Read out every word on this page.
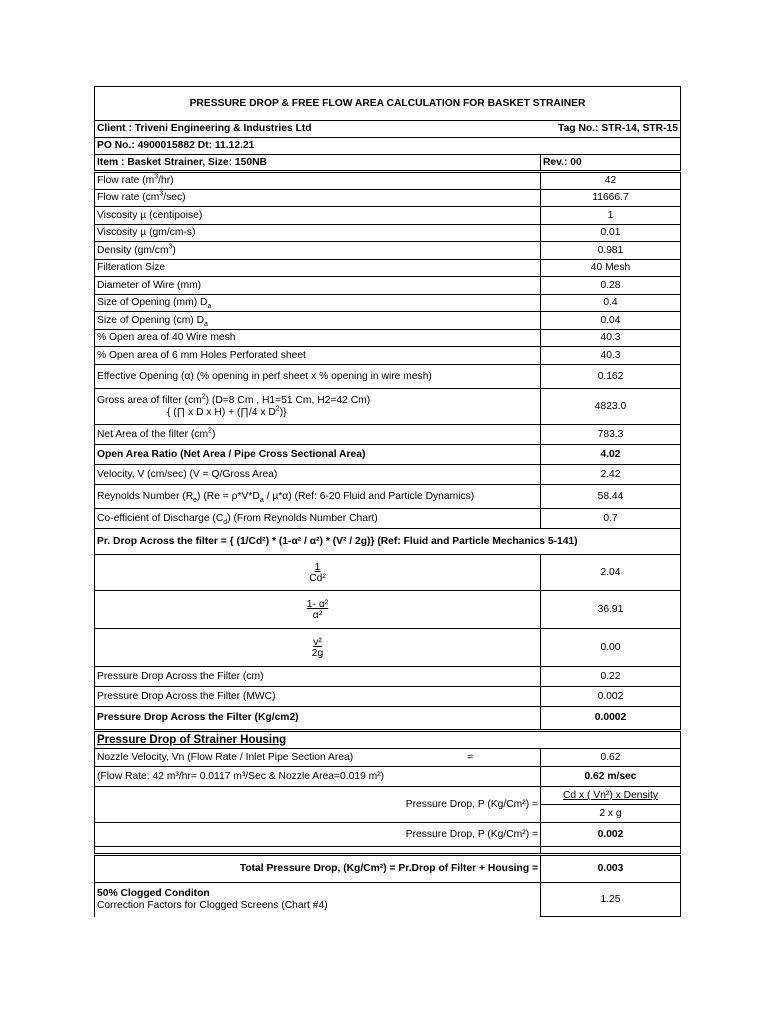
PRESSURE DROP & FREE FLOW AREA CALCULATION FOR BASKET STRAINER	
Client : Triveni Engineering & Industries Ltd Tag No.: STR-14, STR-15	

PO No.: 4900015882 Dt: 11.12.21	
Item : Basket Strainer, Size: 150NB	Rev.: 00
Flow rate $(m^3/hr)$	42
Flow rate $(cm^3/\sec)$	11666.7
Viscosity µ (centipoise)	1
Viscosity µ (gm/cm-s)	0.01
Density $(gm/cm^3)$	0.981
Filteration Size	40 Mesh
Diameter of Wire (mm)	0.28
Size of Opening (mm) $D_a$	0.4
Size of Opening (cm) $D_a$	0.04
% Open area of 40 Wire mesh	40.3
% Open area of 6 mm Holes Perforated sheet	40.3
Effective Opening (α) (% opening in perf sheet x % opening in wire mesh)	0.162

Gross area of filter $(cm^2)$ (D=8 Cm , H1=51 Cm, H2=42 Cm)
{ (∏ x D x H) + (∏/4 x $D^2$)}	4823.0
Net Area of the filter $(cm^2)$	783.3
Open Area Ratio (Net Area / Pipe Cross Sectional Area)	4.02
Velocity, V (cm/sec) (V = Q/Gross Area)	2.42
Reynolds Number $(R_e) (Re = \rho*V*D_a / \mu*\alpha)$ (Ref: 6-20 Fluid and Particle Dynamics)	58.44
Co-efficient of Discharge $(C_d)$ (From Reynolds Number Chart)	0.7
Pr. Drop Across the filter = { (1/Cd²) * (1-α² / α²) * (V² / 2g)} (Ref: Fluid and Particle Mechanics 5-141)	

$\frac{1}{\text{Cd²}}$	2.04

$\frac{\text{1- α²}}{\text{α²}}$	36.91

$\frac{\text{v²}}{2g}$	0.00
Pressure Drop Across the Filter (cm)	0.22
Pressure Drop Across the Filter (MWC)	0.002
Pressure Drop Across the Filter (Kg/cm2)	0.0002
Pressure Drop of Strainer Housing	
Nozzle Velocity, Vn (Flow Rate / Inlet Pipe Section Area) =	0.62
(Flow Rate: 42 m³/hr= 0.0117 m³/Sec & Nozzle Area=0.019 m²)	0.62 m/sec
Pressure Drop, P (Kg/Cm²) =	Cd x ( Vn²) x Density
2 x g

Pressure Drop, P (Kg/Cm²) =	0.002

Total Pressure Drop, (Kg/Cm²) = Pr.Drop of Filter + Housing =	0.003

50% Clogged Conditon
Correction Factors for Clogged Screens (Chart #4)	1.25
